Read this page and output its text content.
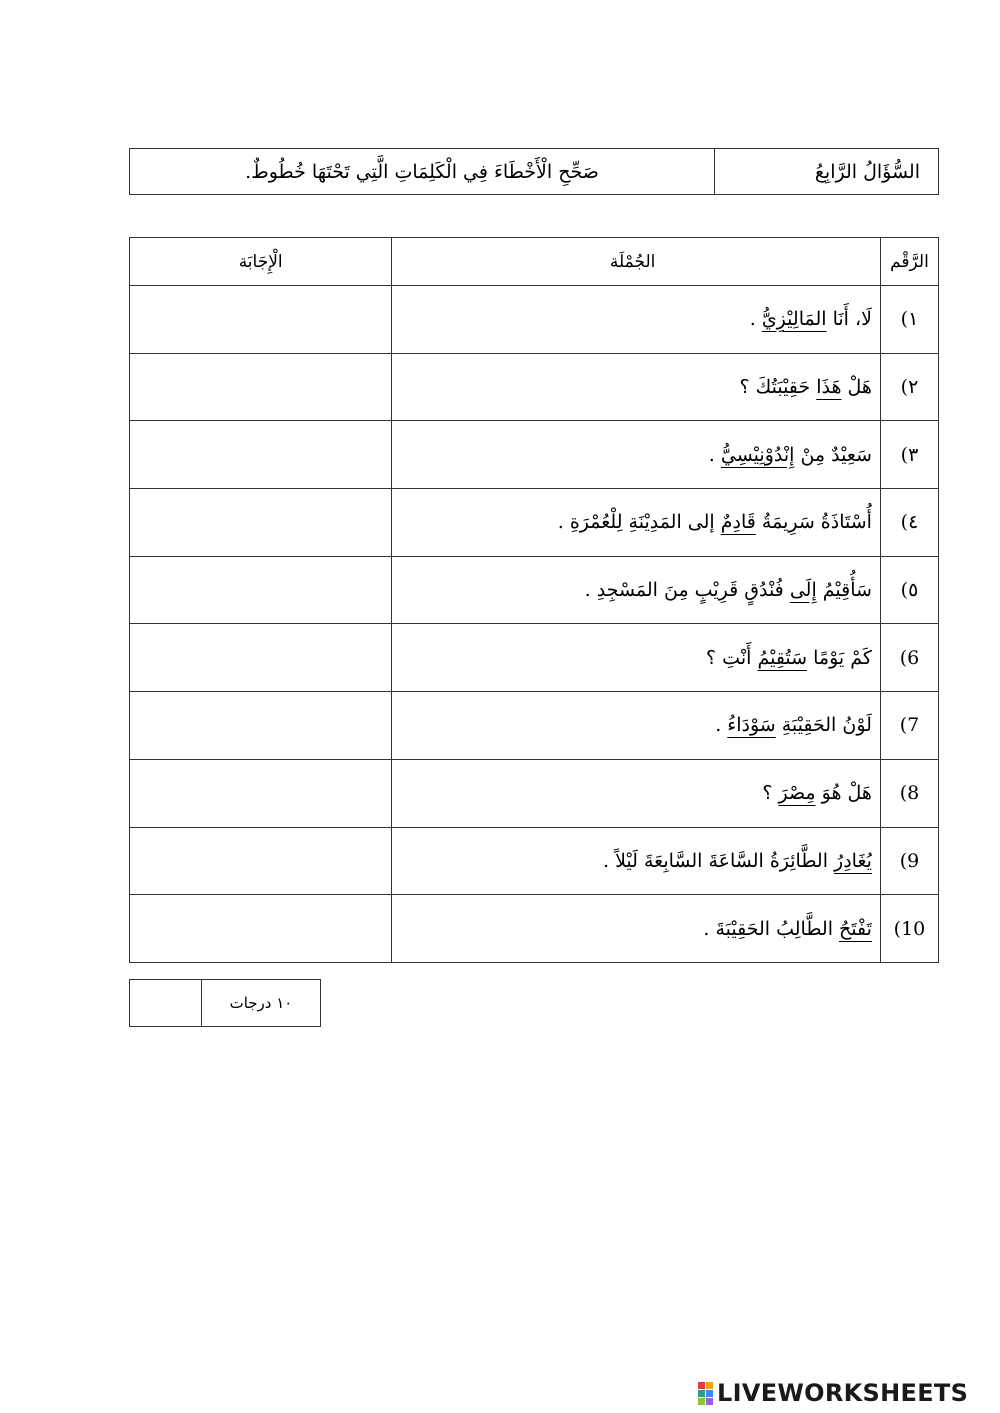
السُّؤَالُ الرَّابِعُ	صَحِّحِ الْأَخْطَاءَ فِي الْكَلِمَاتِ الَّتِي تَحْتَهَا خُطُوطٌ.
الرَّقْم	الجُمْلَة	الْإِجَابَة
١)	لَا، أَنَا المَالِيْزِيُّ .	
٢)	هَلْ هَذَا حَقِيْبَتُكَ ؟	
٣)	سَعِيْدٌ مِنْ إِنْدُوْنِيْسِيُّ .	
٤)	أُسْتَاذَةُ سَرِيمَةُ قَادِمٌ إلى المَدِيْنَةِ لِلْعُمْرَةِ .	
٥)	سَأُقِيْمُ إِلَى فُنْدُقٍ قَرِيْبٍ مِنَ المَسْجِدِ .	
6)	كَمْ يَوْمًا سَتُقِيْمُ أَنْتِ ؟	
7)	لَوْنُ الحَقِيْبَةِ سَوْدَاءُ .	
8)	هَلْ هُوَ مِصْرَ ؟	
9)	يُغَادِرُ الطَّائِرَةُ السَّاعَةَ السَّابِعَةَ لَيْلاً .	
10)	تَفْتَحُ الطَّالِبُ الحَقِيْبَةَ .	
	١٠ درجات
LIVEWORKSHEETS
